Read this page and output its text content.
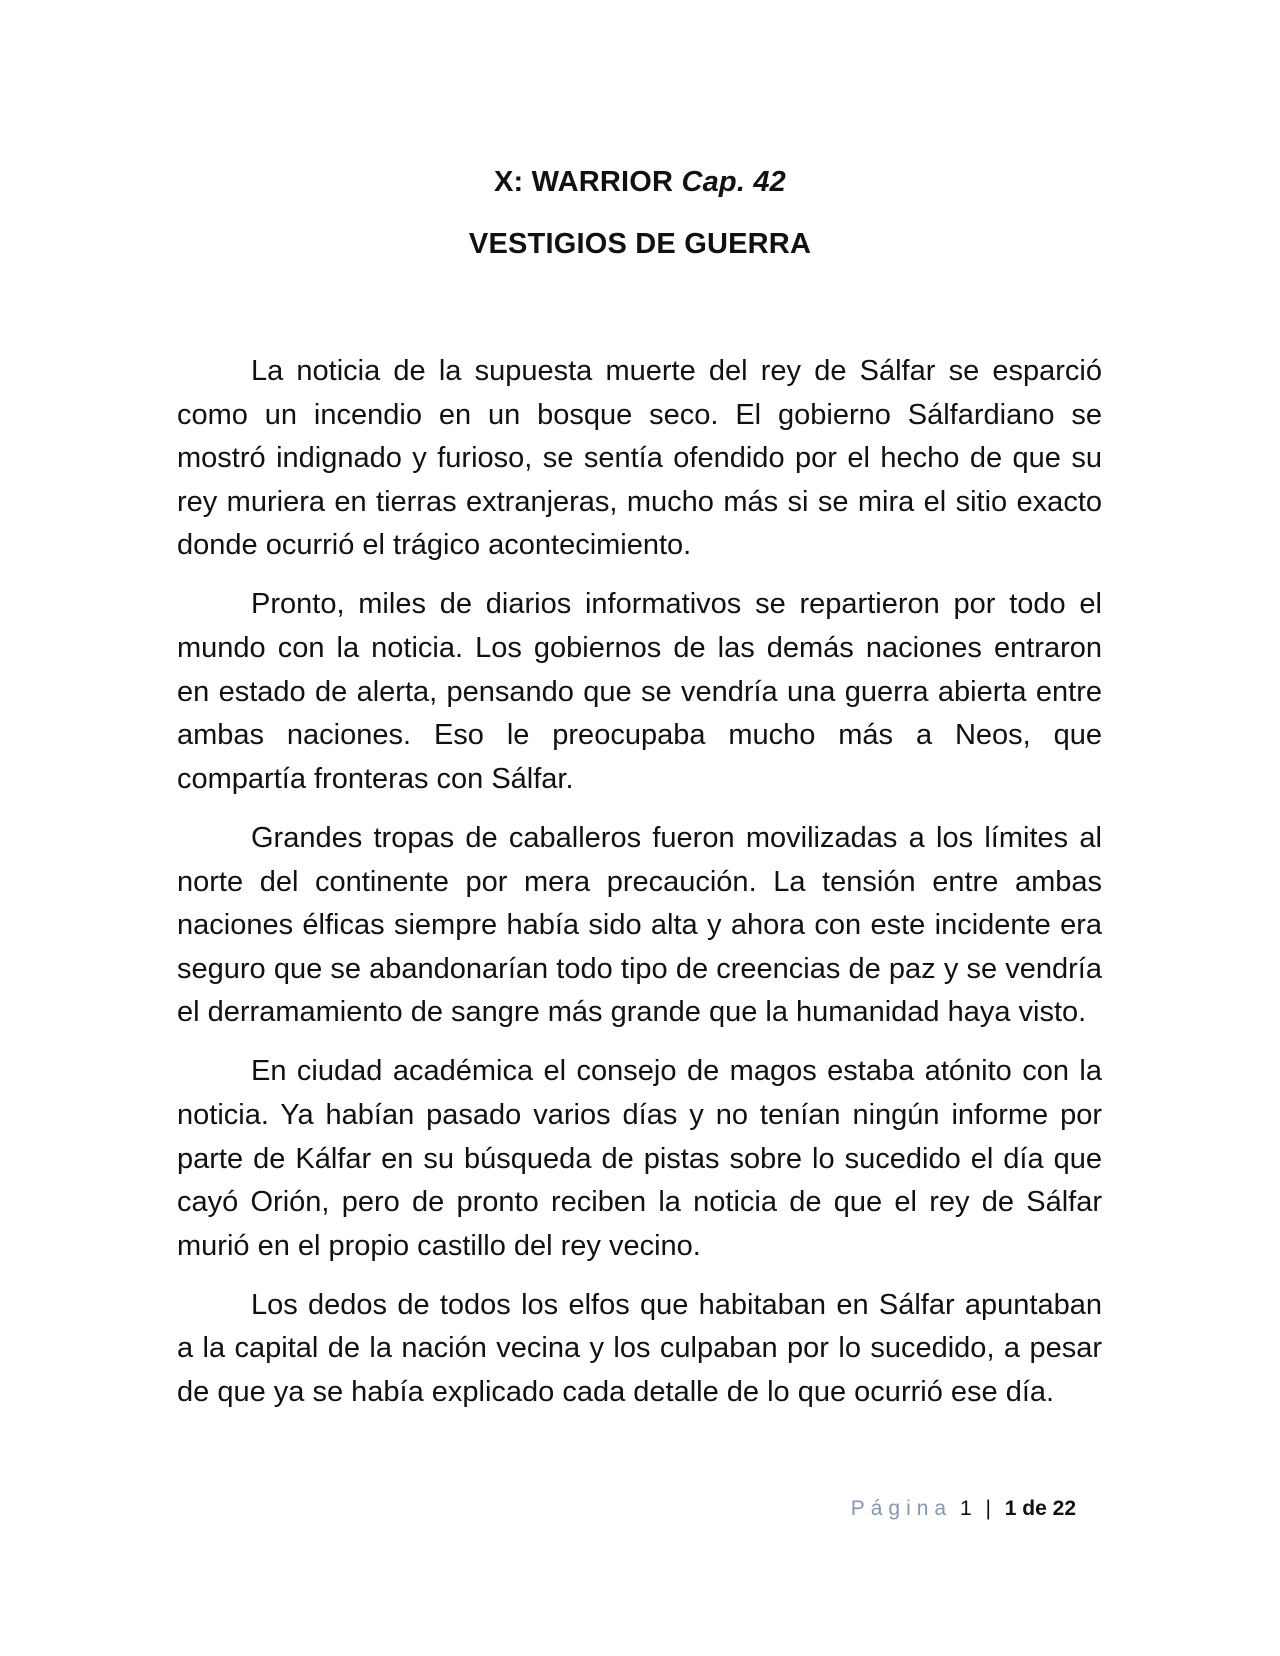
X: WARRIOR Cap. 42
VESTIGIOS DE GUERRA

La noticia de la supuesta muerte del rey de Sálfar se esparció como un incendio en un bosque seco. El gobierno Sálfardiano se mostró indignado y furioso, se sentía ofendido por el hecho de que su rey muriera en tierras extranjeras, mucho más si se mira el sitio exacto donde ocurrió el trágico acontecimiento.

Pronto, miles de diarios informativos se repartieron por todo el mundo con la noticia. Los gobiernos de las demás naciones entraron en estado de alerta, pensando que se vendría una guerra abierta entre ambas naciones. Eso le preocupaba mucho más a Neos, que compartía fronteras con Sálfar.

Grandes tropas de caballeros fueron movilizadas a los límites al norte del continente por mera precaución. La tensión entre ambas naciones élficas siempre había sido alta y ahora con este incidente era seguro que se abandonarían todo tipo de creencias de paz y se vendría el derramamiento de sangre más grande que la humanidad haya visto.

En ciudad académica el consejo de magos estaba atónito con la noticia. Ya habían pasado varios días y no tenían ningún informe por parte de Kálfar en su búsqueda de pistas sobre lo sucedido el día que cayó Orión, pero de pronto reciben la noticia de que el rey de Sálfar murió en el propio castillo del rey vecino.

Los dedos de todos los elfos que habitaban en Sálfar apuntaban a la capital de la nación vecina y los culpaban por lo sucedido, a pesar de que ya se había explicado cada detalle de lo que ocurrió ese día.

Página 1 | 1 de 22
